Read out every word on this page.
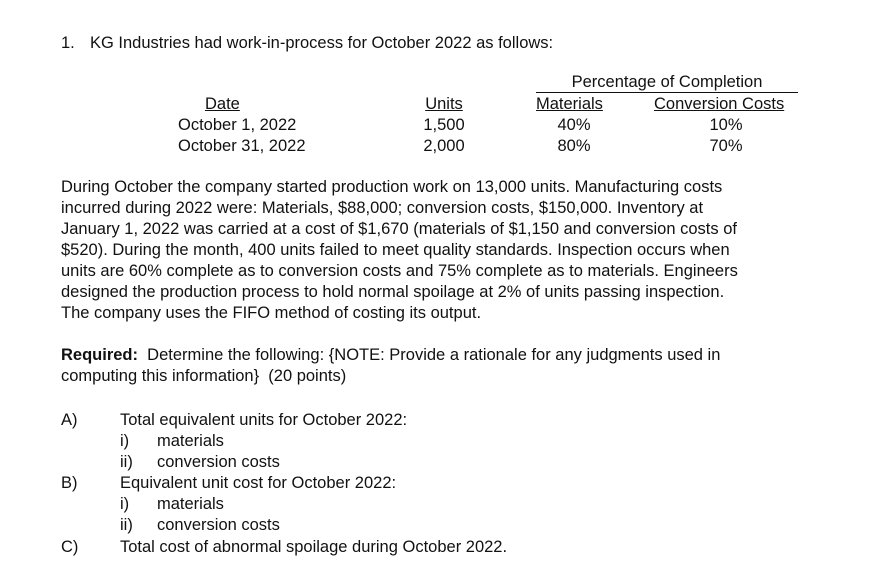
1. KG Industries had work-in-process for October 2022 as follows:
Percentage of Completion
Date	Units	Materials	Conversion Costs
October 1, 2022	1,500	40%	10%
October 31, 2022	2,000	80%	70%
During October the company started production work on 13,000 units. Manufacturing costs
incurred during 2022 were: Materials, $88,000; conversion costs, $150,000. Inventory at
January 1, 2022 was carried at a cost of $1,670 (materials of $1,150 and conversion costs of
$520). During the month, 400 units failed to meet quality standards. Inspection occurs when
units are 60% complete as to conversion costs and 75% complete as to materials. Engineers
designed the production process to hold normal spoilage at 2% of units passing inspection.
The company uses the FIFO method of costing its output.
Required:  Determine the following: {NOTE: Provide a rationale for any judgments used in
computing this information}  (20 points)
A)	Total equivalent units for October 2022:
i) materials
ii) conversion costs
B)	Equivalent unit cost for October 2022:
i) materials
ii) conversion costs
C)	Total cost of abnormal spoilage during October 2022.
